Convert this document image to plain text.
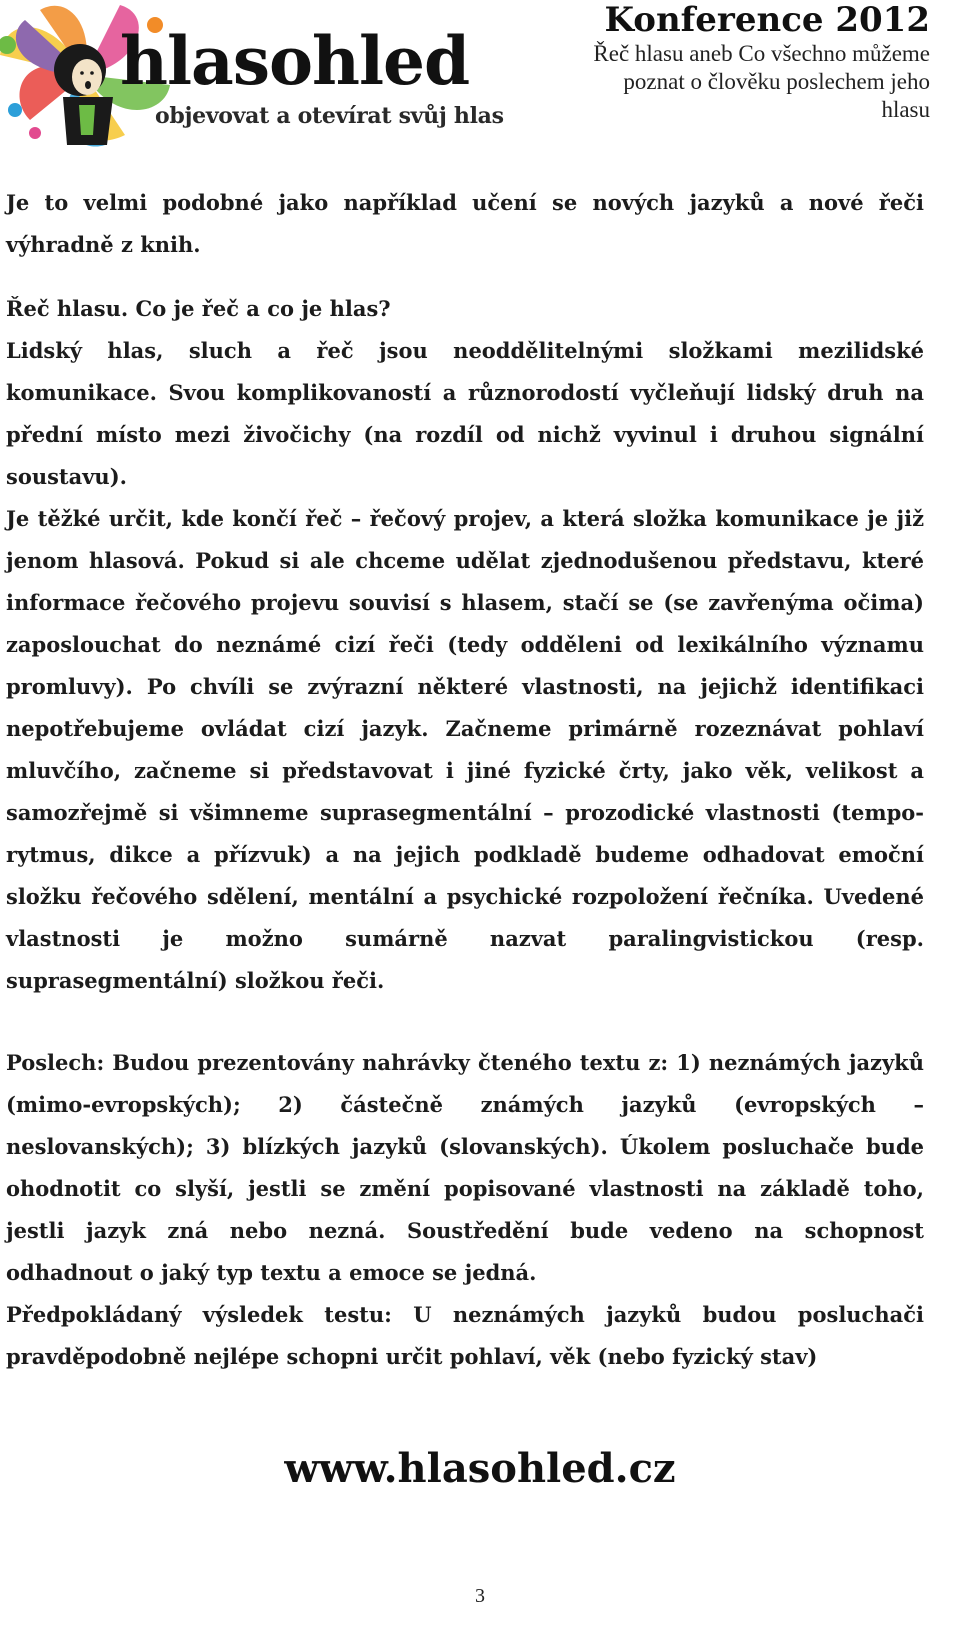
hlasohled
objevovat a otevírat svůj hlas
Konference 2012
Řeč hlasu aneb Co všechno můžeme
poznat o člověku poslechem jeho
hlasu

Je to velmi podobné jako například učení se nových jazyků a nové řeči výhradně z knih.

Řeč hlasu. Co je řeč a co je hlas?

Lidský hlas, sluch a řeč jsou neoddělitelnými složkami mezilidské komunikace. Svou komplikovaností a různorodostí vyčleňují lidský druh na přední místo mezi živočichy (na rozdíl od nichž vyvinul i druhou signální soustavu).

Je těžké určit, kde končí řeč – řečový projev, a která složka komunikace je již jenom hlasová. Pokud si ale chceme udělat zjednodušenou představu, které informace řečového projevu souvisí s hlasem, stačí se (se zavřenýma očima) zaposlouchat do neznámé cizí řeči (tedy odděleni od lexikálního významu promluvy). Po chvíli se zvýrazní některé vlastnosti, na jejichž identifikaci nepotřebujeme ovládat cizí jazyk. Začneme primárně rozeznávat pohlaví mluvčího, začneme si představovat i jiné fyzické črty, jako věk, velikost a samozřejmě si všimneme suprasegmentální – prozodické vlastnosti (tempo-rytmus, dikce a přízvuk) a na jejich podkladě budeme odhadovat emoční složku řečového sdělení, mentální a psychické rozpoložení řečníka. Uvedené vlastnosti je možno sumárně nazvat paralingvistickou (resp. suprasegmentální) složkou řeči.

Poslech: Budou prezentovány nahrávky čteného textu z: 1) neznámých jazyků (mimo-evropských); 2) částečně známých jazyků (evropských – neslovanských); 3) blízkých jazyků (slovanských). Úkolem posluchače bude ohodnotit co slyší, jestli se změní popisované vlastnosti na základě toho, jestli jazyk zná nebo nezná. Soustředění bude vedeno na schopnost odhadnout o jaký typ textu a emoce se jedná.

Předpokládaný výsledek testu: U neznámých jazyků budou posluchači pravděpodobně nejlépe schopni určit pohlaví, věk (nebo fyzický stav)

www.hlasohled.cz
3
